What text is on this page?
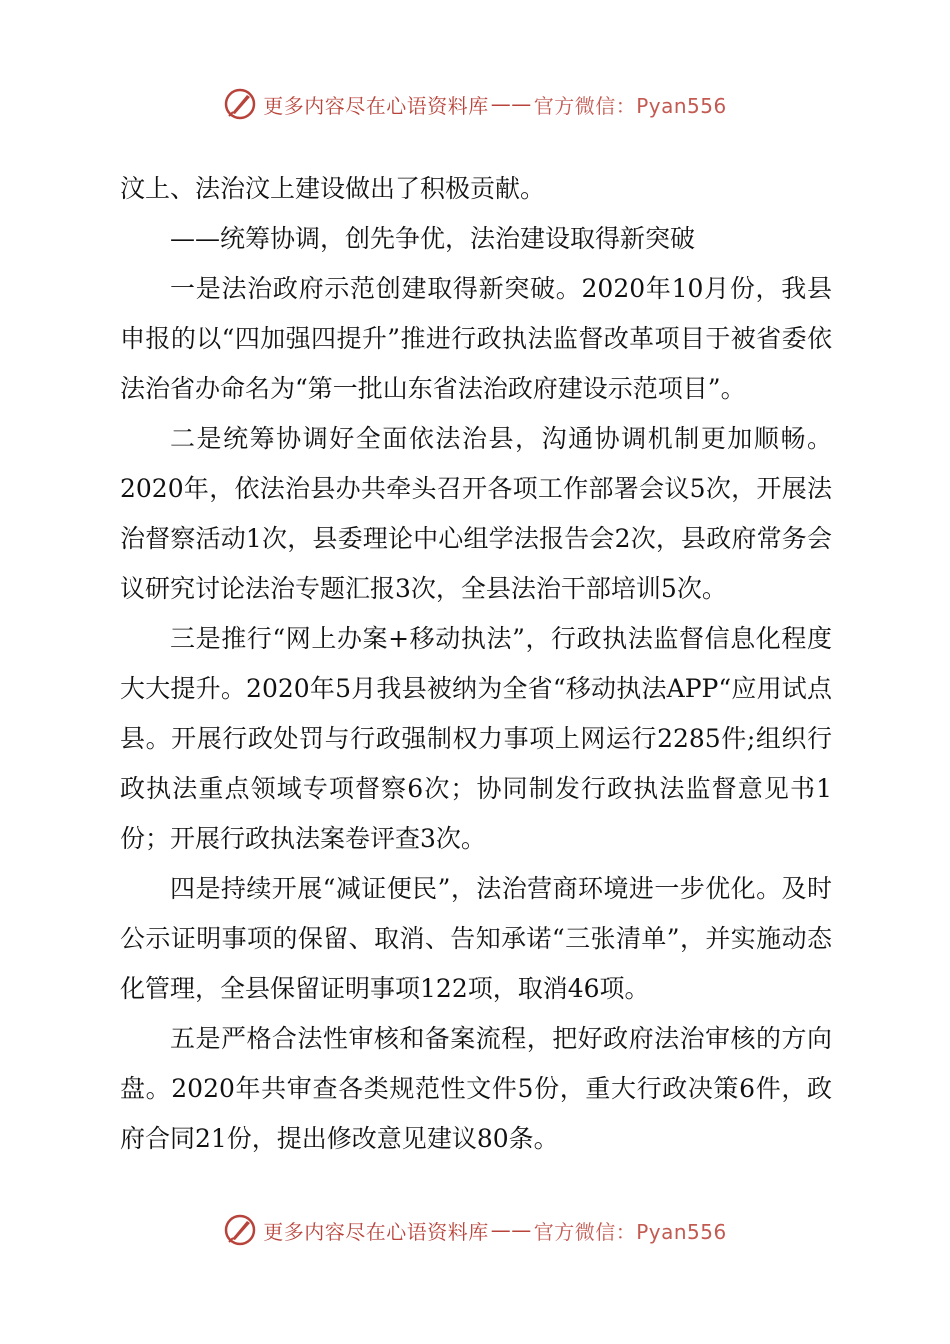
更多内容尽在心语资料库 —— 官方微信：Pyan556

汶上、法治汶上建设做出了积极贡献。

——统筹协调，创先争优，法治建设取得新突破

一是法治政府示范创建取得新突破。2020年10月份，我县申报的以“四加强四提升”推进行政执法监督改革项目于被省委依法治省办命名为“第一批山东省法治政府建设示范项目”。

二是统筹协调好全面依法治县，沟通协调机制更加顺畅。2020年，依法治县办共牵头召开各项工作部署会议5次，开展法治督察活动1次，县委理论中心组学法报告会2次，县政府常务会议研究讨论法治专题汇报3次，全县法治干部培训5次。

三是推行“网上办案+移动执法”，行政执法监督信息化程度大大提升。2020年5月我县被纳为全省“移动执法APP“应用试点县。开展行政处罚与行政强制权力事项上网运行2285件;组织行政执法重点领域专项督察6次；协同制发行政执法监督意见书1份；开展行政执法案卷评查3次。

四是持续开展“减证便民”，法治营商环境进一步优化。及时公示证明事项的保留、取消、告知承诺“三张清单”，并实施动态化管理，全县保留证明事项122项，取消46项。

五是严格合法性审核和备案流程，把好政府法治审核的方向盘。2020年共审查各类规范性文件5份，重大行政决策6件，政府合同21份，提出修改意见建议80条。

更多内容尽在心语资料库 —— 官方微信：Pyan556
